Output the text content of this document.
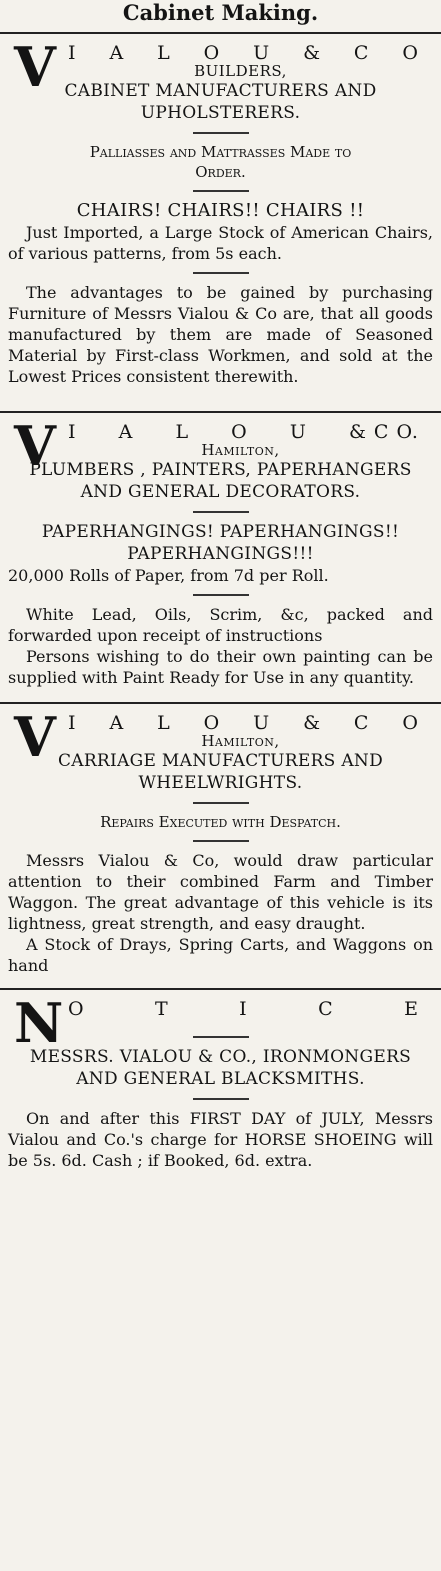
Cabinet Making.
V I A L O U & C O
BUILDERS,
CABINET MANUFACTURERS AND
UPHOLSTERERS.
Palliasses and Mattrasses Made to
Order.
CHAIRS! CHAIRS!! CHAIRS !!
Just Imported, a Large Stock of American Chairs, of various patterns, from 5s each.
The advantages to be gained by purchasing Furniture of Messrs Vialou & Co are, that all goods manufactured by them are made of Seasoned Material by First-class Workmen, and sold at the Lowest Prices consistent therewith.
V I A L O U & C O.
Hamilton,
PLUMBERS , PAINTERS, PAPERHANGERS AND GENERAL DECORATORS.
PAPERHANGINGS! PAPERHANGINGS!! PAPERHANGINGS!!!
20,000 Rolls of Paper, from 7d per Roll.
White Lead, Oils, Scrim, &c, packed and forwarded upon receipt of instructions
Persons wishing to do their own painting can be supplied with Paint Ready for Use in any quantity.
V I A L O U & C O
Hamilton,
CARRIAGE MANUFACTURERS AND
WHEELWRIGHTS.
Repairs Executed with Despatch.
Messrs Vialou & Co, would draw particular attention to their combined Farm and Timber Waggon. The great advantage of this vehicle is its lightness, great strength, and easy draught.
A Stock of Drays, Spring Carts, and Waggons on hand
N O	T	I	C	E
MESSRS. VIALOU & CO., IRONMONGERS AND GENERAL BLACKSMITHS.
On and after this FIRST DAY of JULY, Messrs Vialou and Co.'s charge for HORSE SHOEING will be 5s. 6d. Cash ; if Booked, 6d. extra.
